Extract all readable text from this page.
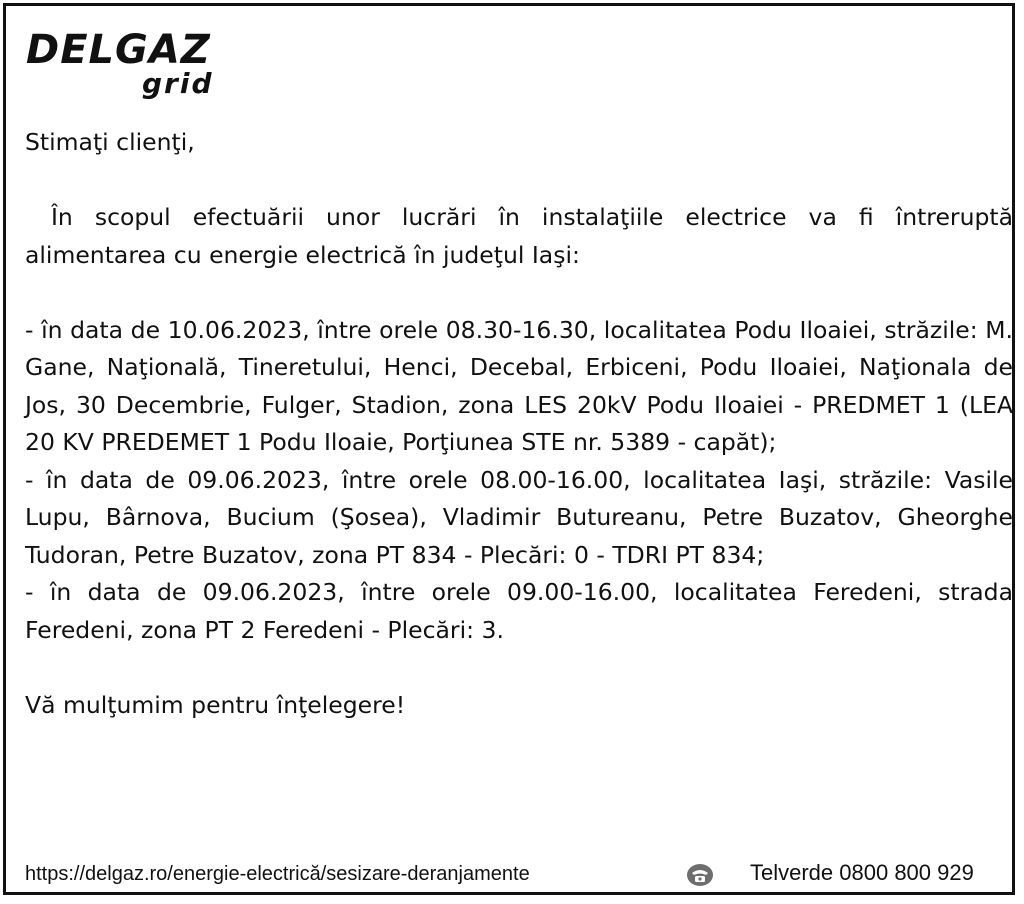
DELGAZ
grid

Stimaţi clienţi,

În scopul efectuării unor lucrări în instalaţiile electrice va fi întreruptă alimentarea cu energie electrică în judeţul Iaşi:

- în data de 10.06.2023, între orele 08.30-16.30, localitatea Podu Iloaiei, străzile: M. Gane, Naţională, Tineretului, Henci, Decebal, Erbiceni, Podu Iloaiei, Naţionala de Jos, 30 Decembrie, Fulger, Stadion, zona LES 20kV Podu Iloaiei - PREDMET 1 (LEA 20 KV PREDEMET 1 Podu Iloaie, Porţiunea STE nr. 5389 - capăt);

- în data de 09.06.2023, între orele 08.00-16.00, localitatea Iaşi, străzile: Vasile Lupu, Bârnova, Bucium (Şosea), Vladimir Butureanu, Petre Buzatov, Gheorghe Tudoran, Petre Buzatov, zona PT 834 - Plecări: 0 - TDRI PT 834;

- în data de 09.06.2023, între orele 09.00-16.00, localitatea Feredeni, strada Feredeni, zona PT 2 Feredeni - Plecări: 3.

Vă mulţumim pentru înţelegere!

https://delgaz.ro/energie-electrică/sesizare-deranjamente	Telverde 0800 800 929
